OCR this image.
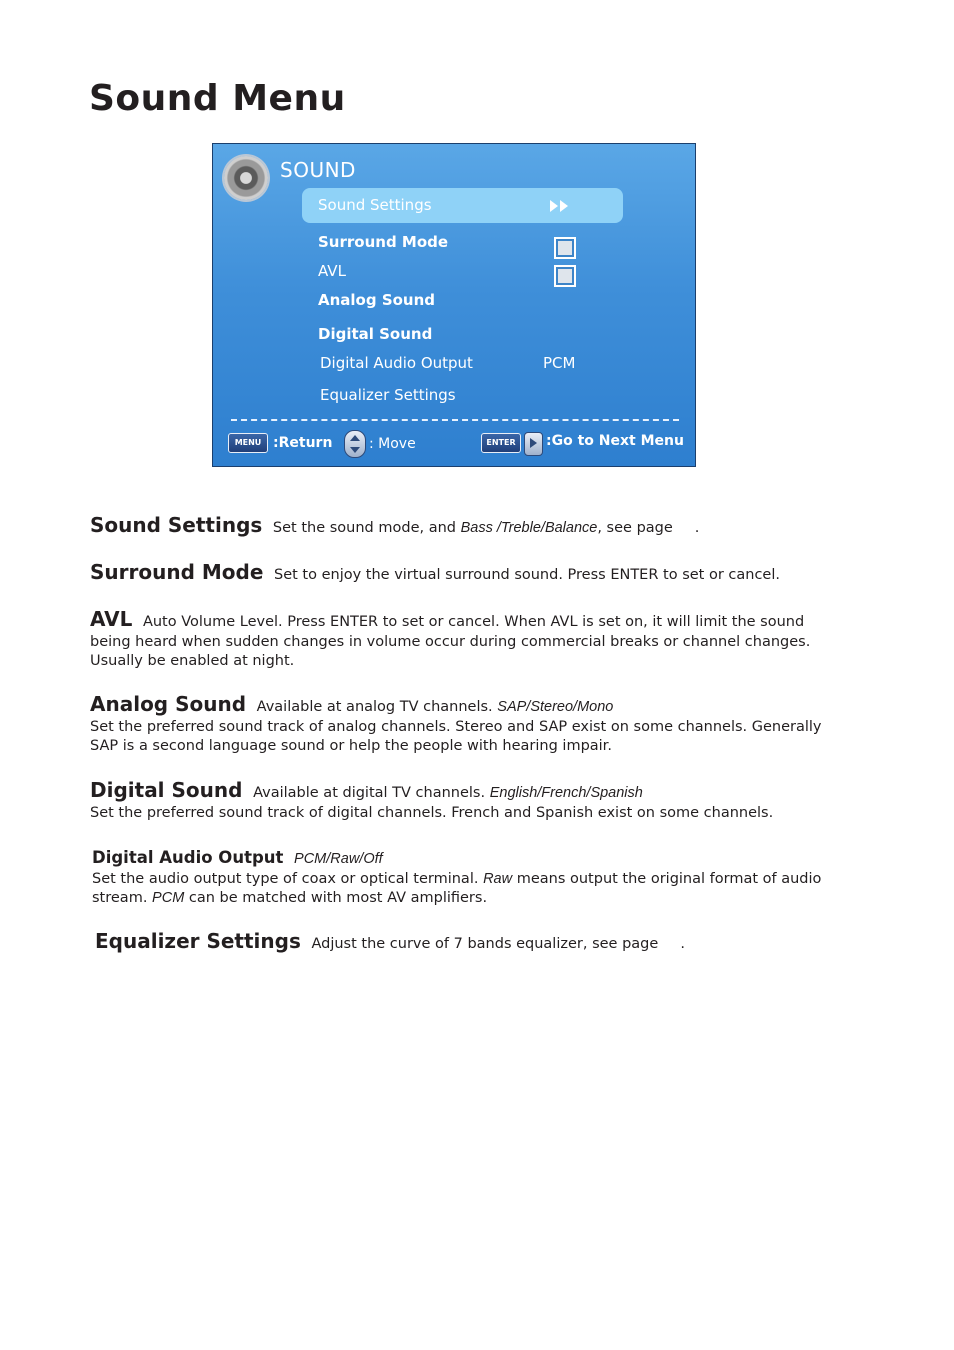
Sound Menu
SOUND
Sound Settings
Surround Mode
AVL
Analog Sound
Digital Sound
Digital Audio Output	PCM
Equalizer Settings
MENU :Return	: Move	ENTER	:Go to Next Menu
Sound Settings Set the sound mode, and Bass /Treble/Balance, see page .
Surround Mode Set to enjoy the virtual surround sound. Press ENTER to set or cancel.
AVL Auto Volume Level. Press ENTER to set or cancel. When AVL is set on, it will limit the sound being heard when sudden changes in volume occur during commercial breaks or channel changes. Usually be enabled at night.
Analog Sound Available at analog TV channels. SAP/Stereo/Mono
Set the preferred sound track of analog channels. Stereo and SAP exist on some channels. Generally SAP is a second language sound or help the people with hearing impair.
Digital Sound Available at digital TV channels. English/French/Spanish
Set the preferred sound track of digital channels. French and Spanish exist on some channels.
Digital Audio Output PCM/Raw/Off
Set the audio output type of coax or optical terminal. Raw means output the original format of audio stream. PCM can be matched with most AV amplifiers.
Equalizer Settings Adjust the curve of 7 bands equalizer, see page .
